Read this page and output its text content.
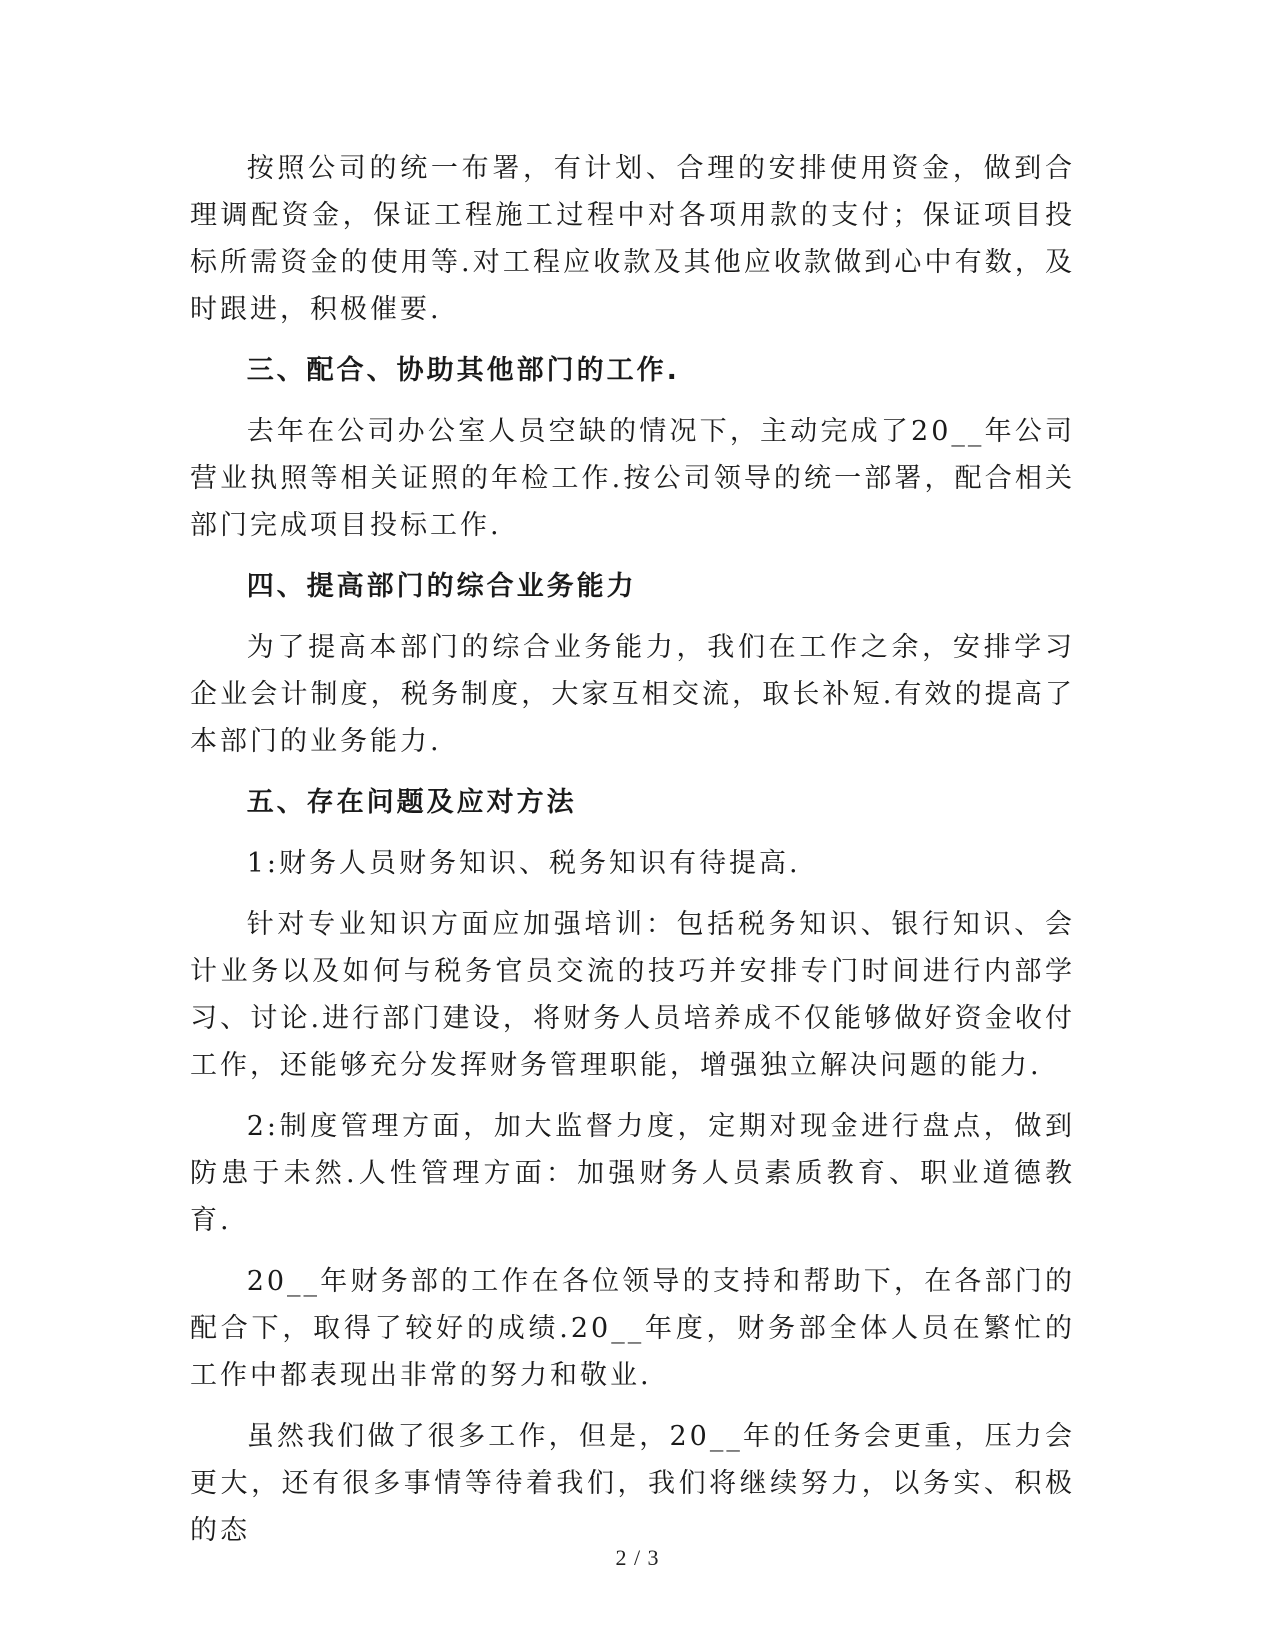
按照公司的统一布署，有计划、合理的安排使用资金，做到合理调配资金，保证工程施工过程中对各项用款的支付；保证项目投标所需资金的使用等.对工程应收款及其他应收款做到心中有数，及时跟进，积极催要.

三、配合、协助其他部门的工作.

去年在公司办公室人员空缺的情况下，主动完成了20__年公司营业执照等相关证照的年检工作.按公司领导的统一部署，配合相关部门完成项目投标工作.

四、提高部门的综合业务能力

为了提高本部门的综合业务能力，我们在工作之余，安排学习企业会计制度，税务制度，大家互相交流，取长补短.有效的提高了本部门的业务能力.

五、存在问题及应对方法

1:财务人员财务知识、税务知识有待提高.

针对专业知识方面应加强培训：包括税务知识、银行知识、会计业务以及如何与税务官员交流的技巧并安排专门时间进行内部学习、讨论.进行部门建设，将财务人员培养成不仅能够做好资金收付工作，还能够充分发挥财务管理职能，增强独立解决问题的能力.

2:制度管理方面，加大监督力度，定期对现金进行盘点，做到防患于未然.人性管理方面：加强财务人员素质教育、职业道德教育.

20__年财务部的工作在各位领导的支持和帮助下，在各部门的配合下，取得了较好的成绩.20__年度，财务部全体人员在繁忙的工作中都表现出非常的努力和敬业.

虽然我们做了很多工作，但是，20__年的任务会更重，压力会更大，还有很多事情等待着我们，我们将继续努力，以务实、积极的态

2 / 3
